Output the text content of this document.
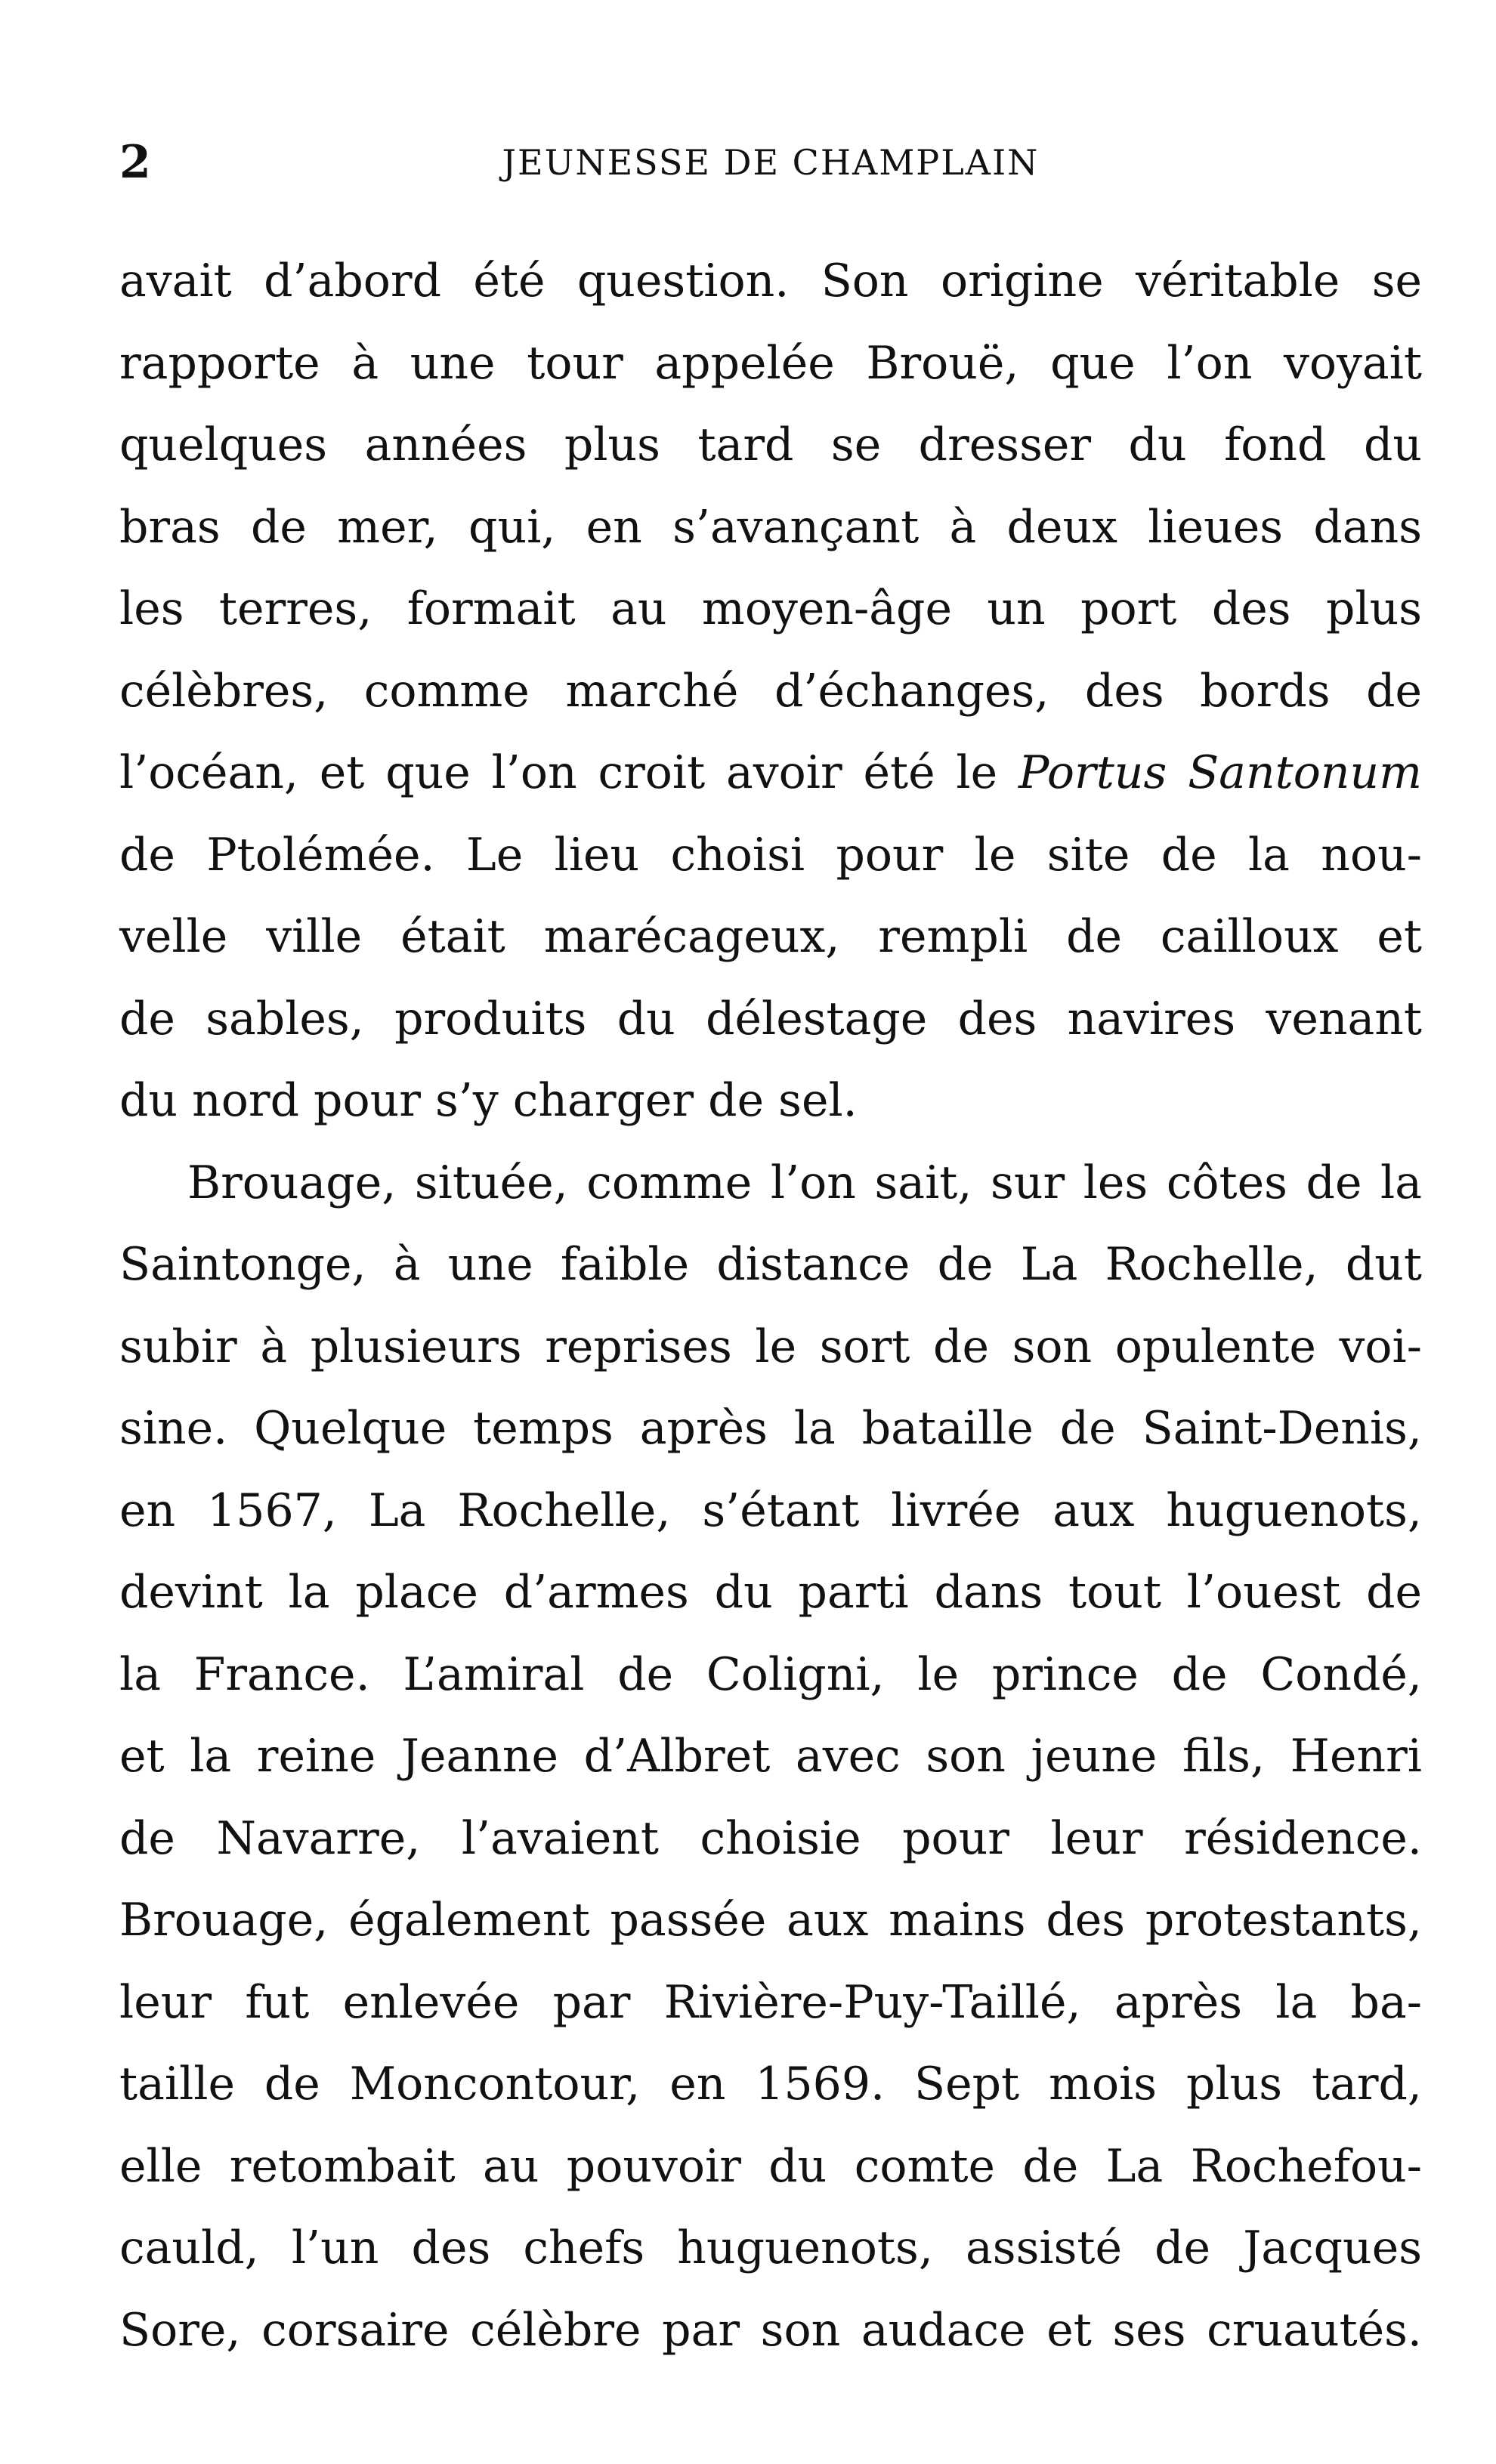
2	JEUNESSE DE CHAMPLAIN
avait d’abord été question. Son origine véritable se
rapporte à une tour appelée Brouë, que l’on voyait
quelques années plus tard se dresser du fond du
bras de mer, qui, en s’avançant à deux lieues dans
les terres, formait au moyen-âge un port des plus
célèbres, comme marché d’échanges, des bords de
l’océan, et que l’on croit avoir été le Portus Santonum
de Ptolémée. Le lieu choisi pour le site de la nou-
velle ville était marécageux, rempli de cailloux et
de sables, produits du délestage des navires venant
du nord pour s’y charger de sel.
Brouage, située, comme l’on sait, sur les côtes de la
Saintonge, à une faible distance de La Rochelle, dut
subir à plusieurs reprises le sort de son opulente voi-
sine. Quelque temps après la bataille de Saint-Denis,
en 1567, La Rochelle, s’étant livrée aux huguenots,
devint la place d’armes du parti dans tout l’ouest de
la France. L’amiral de Coligni, le prince de Condé,
et la reine Jeanne d’Albret avec son jeune fils, Henri
de Navarre, l’avaient choisie pour leur résidence.
Brouage, également passée aux mains des protestants,
leur fut enlevée par Rivière-Puy-Taillé, après la ba-
taille de Moncontour, en 1569. Sept mois plus tard,
elle retombait au pouvoir du comte de La Rochefou-
cauld, l’un des chefs huguenots, assisté de Jacques
Sore, corsaire célèbre par son audace et ses cruautés.
